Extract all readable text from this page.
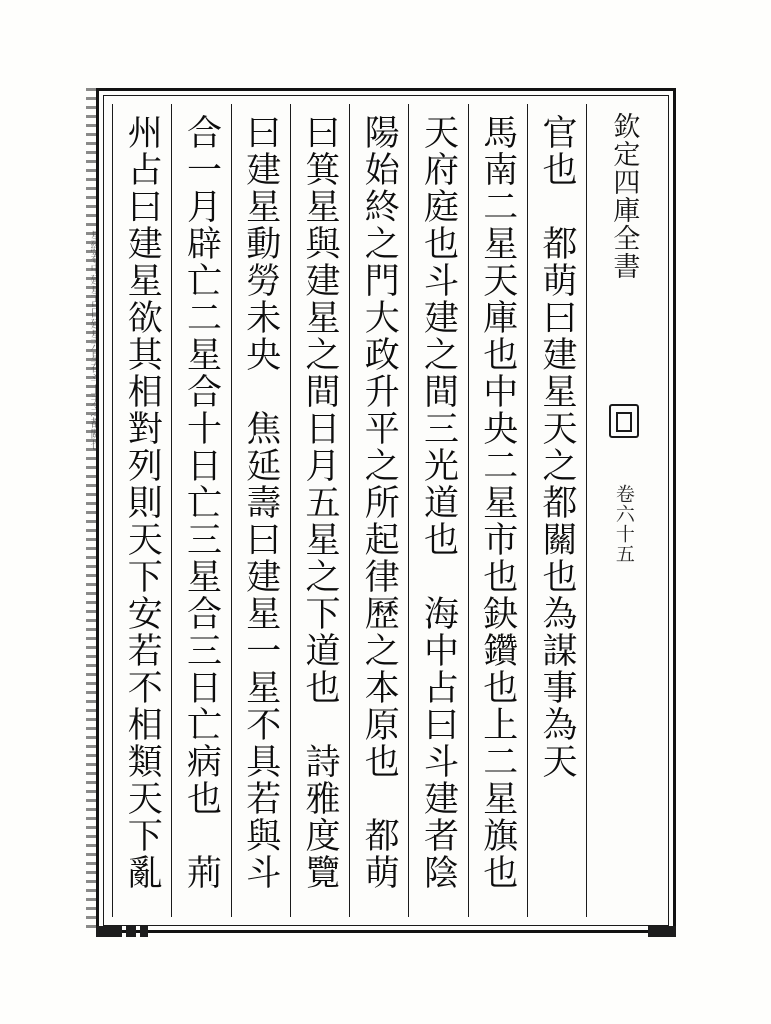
欽定四庫全書
卷六十五
官也　都萌曰建星天之都關也為謀事為天
馬南二星天庫也中央二星市也鈌鑽也上二星旗也
天府庭也斗建之間三光道也　海中占曰斗建者陰
陽始終之門大政升平之所起律歷之本原也　都萌
曰箕星與建星之間日月五星之下道也　詩雅度覽
曰建星動勞未央　焦延壽曰建星一星不具若與斗
合一月辟亡二星合十日亡三星合三日亡病也　荊
州占曰建星欲其相對列則天下安若不相類天下亂
